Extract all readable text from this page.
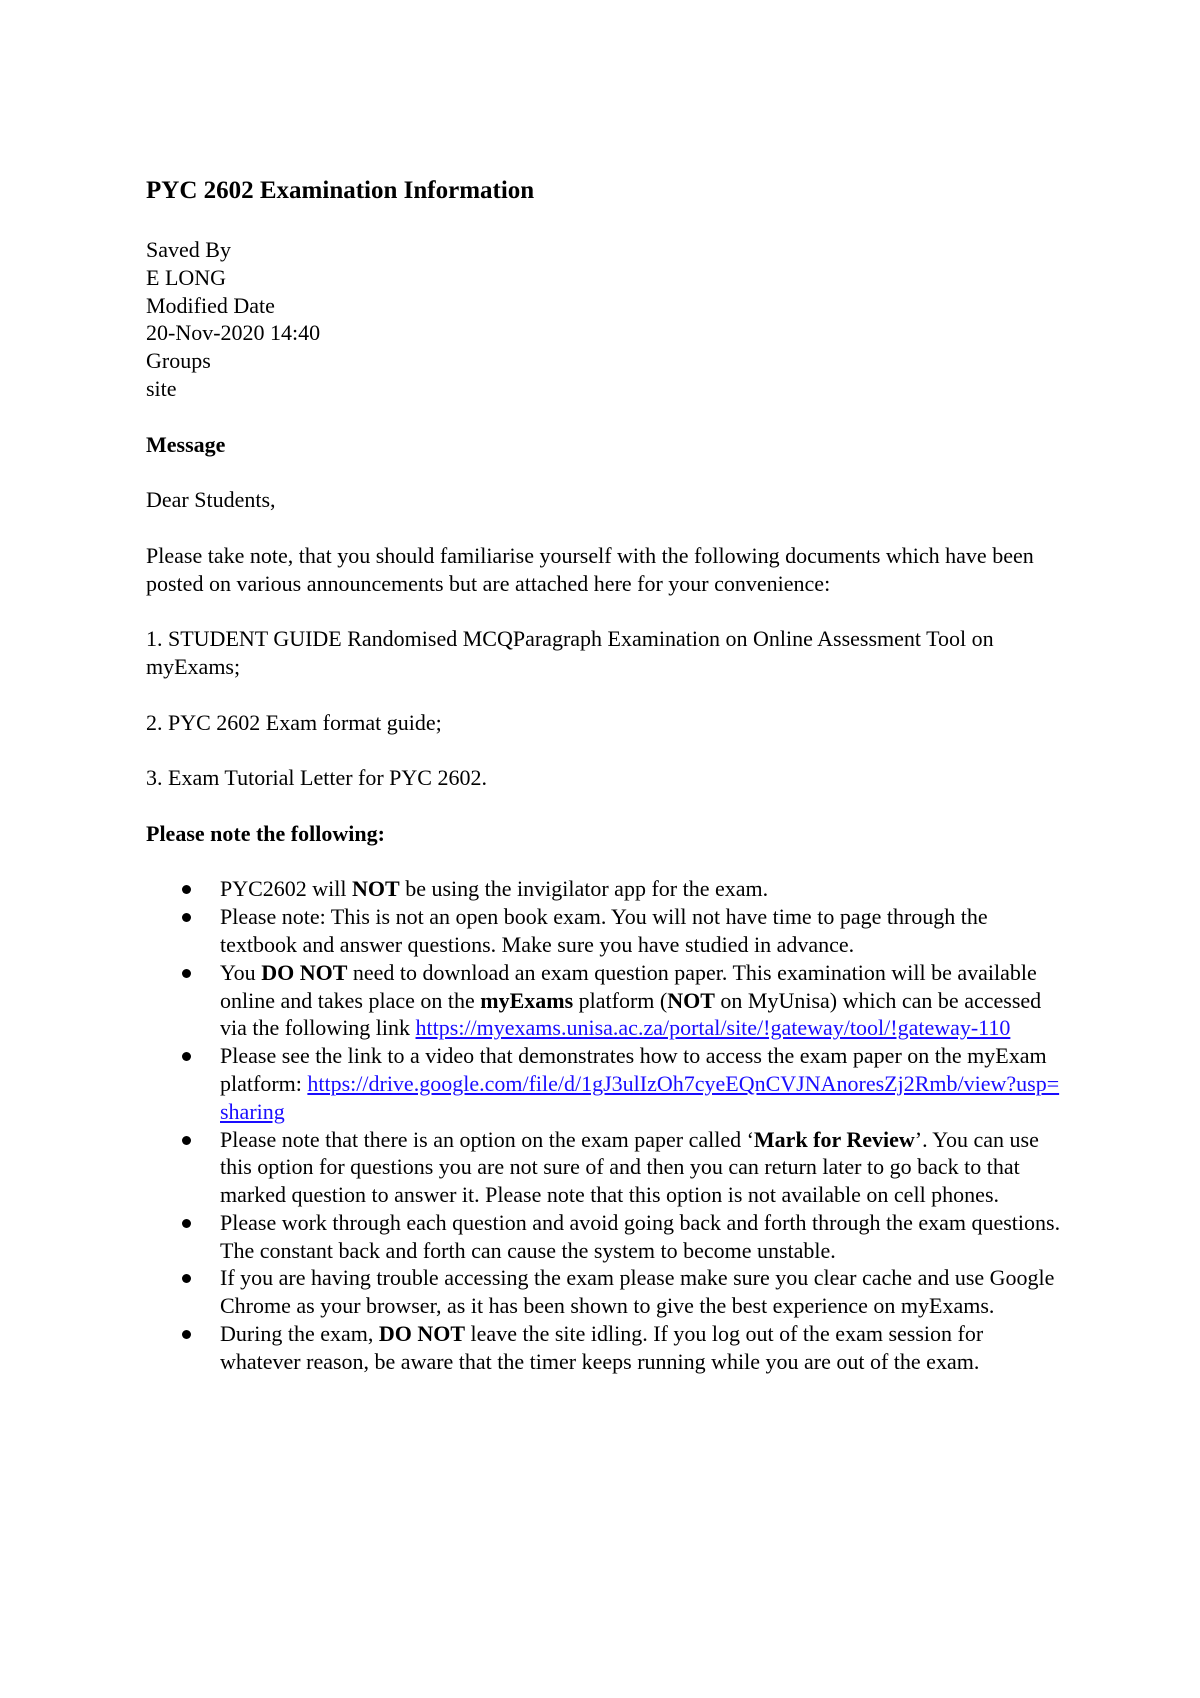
PYC 2602 Examination Information
Saved By
E LONG
Modified Date
20-Nov-2020 14:40
Groups
site

Message

Dear Students,

Please take note, that you should familiarise yourself with the following documents which have been posted on various announcements but are attached here for your convenience:

1. STUDENT GUIDE Randomised MCQParagraph Examination on Online Assessment Tool on myExams;

2. PYC 2602 Exam format guide;

3. Exam Tutorial Letter for PYC 2602.

Please note the following:

PYC2602 will NOT be using the invigilator app for the exam.
Please note: This is not an open book exam. You will not have time to page through the textbook and answer questions. Make sure you have studied in advance.
You DO NOT need to download an exam question paper. This examination will be available online and takes place on the myExams platform (NOT on MyUnisa) which can be accessed via the following link https://myexams.unisa.ac.za/portal/site/!gateway/tool/!gateway-110
Please see the link to a video that demonstrates how to access the exam paper on the myExam platform: https://drive.google.com/file/d/1gJ3ulIzOh7cyeEQnCVJNAnoresZj2Rmb/view?usp=sharing
Please note that there is an option on the exam paper called ‘Mark for Review’. You can use this option for questions you are not sure of and then you can return later to go back to that marked question to answer it. Please note that this option is not available on cell phones.
Please work through each question and avoid going back and forth through the exam questions. The constant back and forth can cause the system to become unstable.
If you are having trouble accessing the exam please make sure you clear cache and use Google Chrome as your browser, as it has been shown to give the best experience on myExams.
During the exam, DO NOT leave the site idling. If you log out of the exam session for whatever reason, be aware that the timer keeps running while you are out of the exam.
